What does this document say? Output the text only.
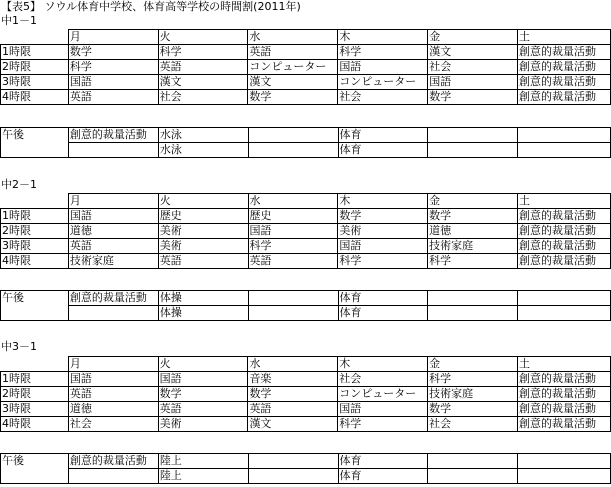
【表5】 ソウル体育中学校、体育高等学校の時間割(2011年)
中1－1
	月	火	水	木	金	土
1時限	数学	科学	英語	科学	漢文	創意的裁量活動
2時限	科学	英語	コンピューター	国語	社会	創意的裁量活動
3時限	国語	漢文	漢文	コンピューター	国語	創意的裁量活動
4時限	英語	社会	数学	社会	数学	創意的裁量活動
午後	創意的裁量活動	水泳		体育		
		水泳		体育		
中2－1
	月	火	水	木	金	土
1時限	国語	歴史	歴史	数学	数学	創意的裁量活動
2時限	道徳	美術	国語	美術	道徳	創意的裁量活動
3時限	英語	美術	科学	国語	技術家庭	創意的裁量活動
4時限	技術家庭	英語	英語	科学	科学	創意的裁量活動
午後	創意的裁量活動	体操		体育		
		体操		体育		
中3－1
	月	火	水	木	金	土
1時限	国語	国語	音楽	社会	科学	創意的裁量活動
2時限	英語	数学	数学	コンピューター	技術家庭	創意的裁量活動
3時限	道徳	英語	英語	国語	数学	創意的裁量活動
4時限	社会	美術	漢文	科学	社会	創意的裁量活動
午後	創意的裁量活動	陸上		体育		
		陸上		体育		
